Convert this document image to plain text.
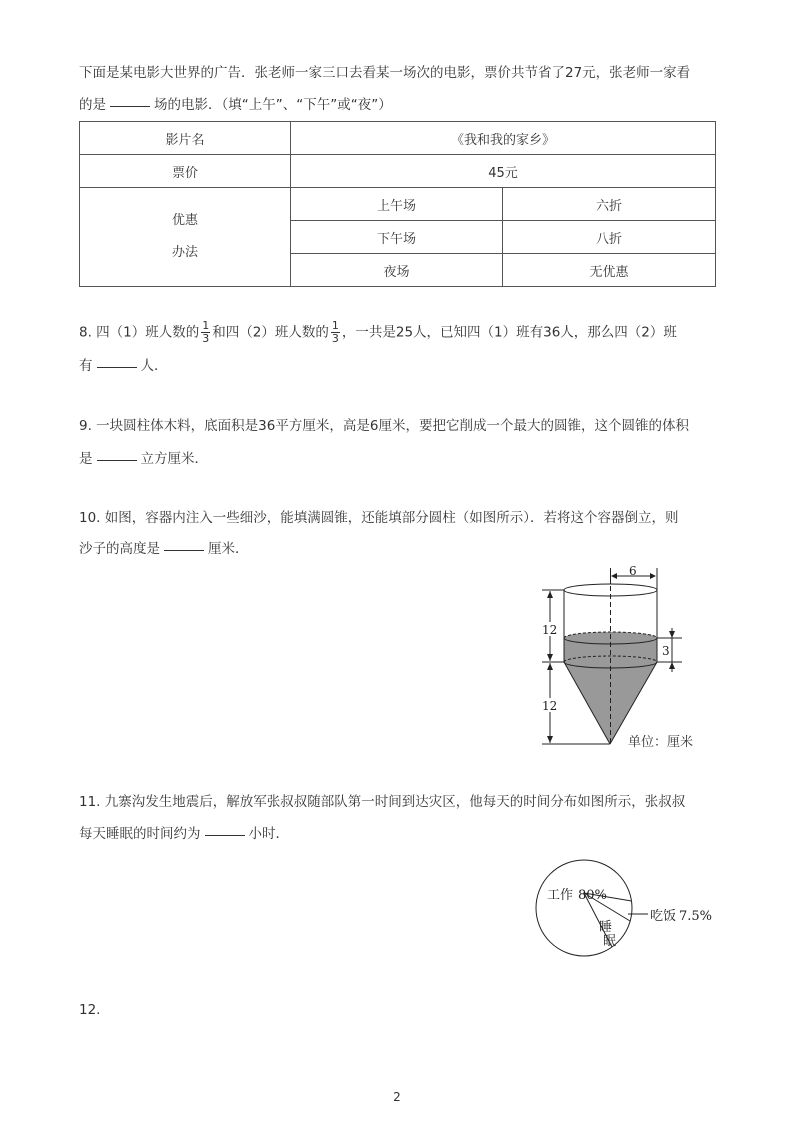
下面是某电影大世界的广告．张老师一家三口去看某一场次的电影，票价共节省了27元，张老师一家看
的是	场的电影．（填“上午”、“下午”或“夜”）
影片名	《我和我的家乡》	
票价	45元	

优惠
办法	上午场	六折
	下午场	八折
	夜场	无优惠
8. 四（1）班人数的 $\frac{1}{3}$ 和四（2）班人数的 $\frac{1}{3}$ ，一共是25人，已知四（1）班有36人，那么四（2）班
有	人．
9. 一块圆柱体木料，底面积是36平方厘米，高是6厘米，要把它削成一个最大的圆锥，这个圆锥的体积
是	立方厘米．
10. 如图，容器内注入一些细沙，能填满圆锥，还能填部分圆柱（如图所示）．若将这个容器倒立，则
沙子的高度是	厘米．
6
12
12
3
单位：厘米
11. 九寨沟发生地震后，解放军张叔叔随部队第一时间到达灾区，他每天的时间分布如图所示，张叔叔
每天睡眠的时间约为	小时．
工作 80%
睡
眠
吃饭 7.5%
12.
2
